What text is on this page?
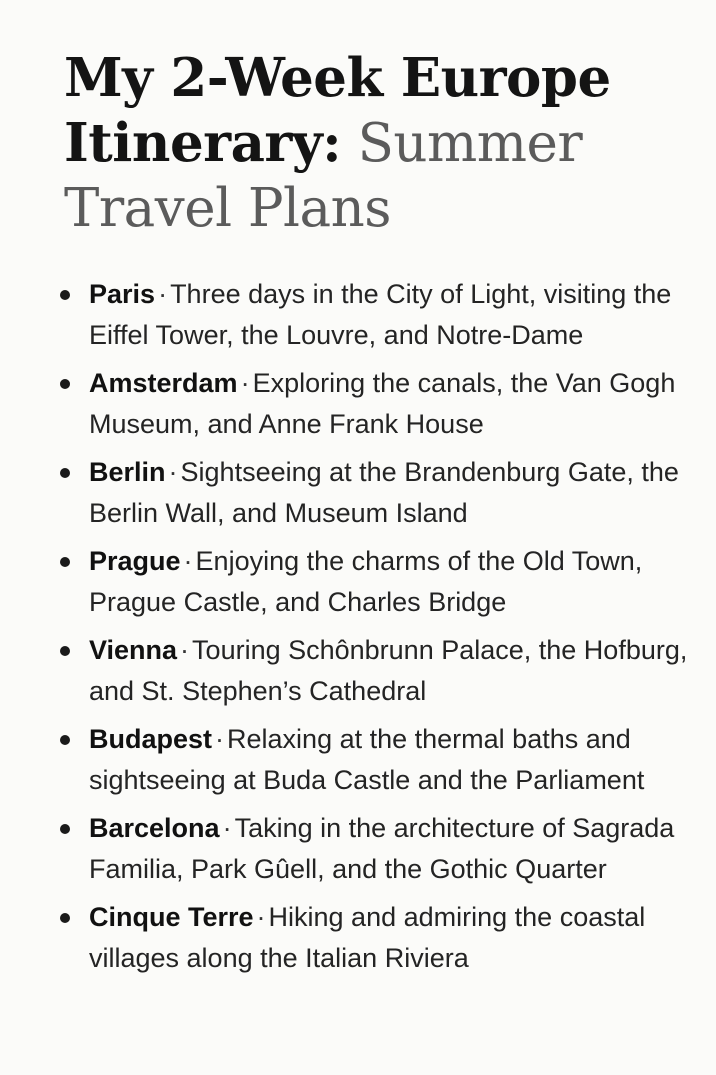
My 2-Week Europe Itinerary: Summer Travel Plans
Paris · Three days in the City of Light, visiting the Eiffel Tower, the Louvre, and Notre-Dame
Amsterdam · Exploring the canals, the Van Gogh Museum, and Anne Frank House
Berlin · Sightseeing at the Brandenburg Gate, the Berlin Wall, and Museum Island
Prague · Enjoying the charms of the Old Town, Prague Castle, and Charles Bridge
Vienna · Touring Schônbrunn Palace, the Hofburg, and St. Stephen’s Cathedral
Budapest · Relaxing at the thermal baths and sightseeing at Buda Castle and the Parliament
Barcelona · Taking in the architecture of Sagrada Familia, Park Gûell, and the Gothic Quarter
Cinque Terre · Hiking and admiring the coastal villages along the Italian Riviera
